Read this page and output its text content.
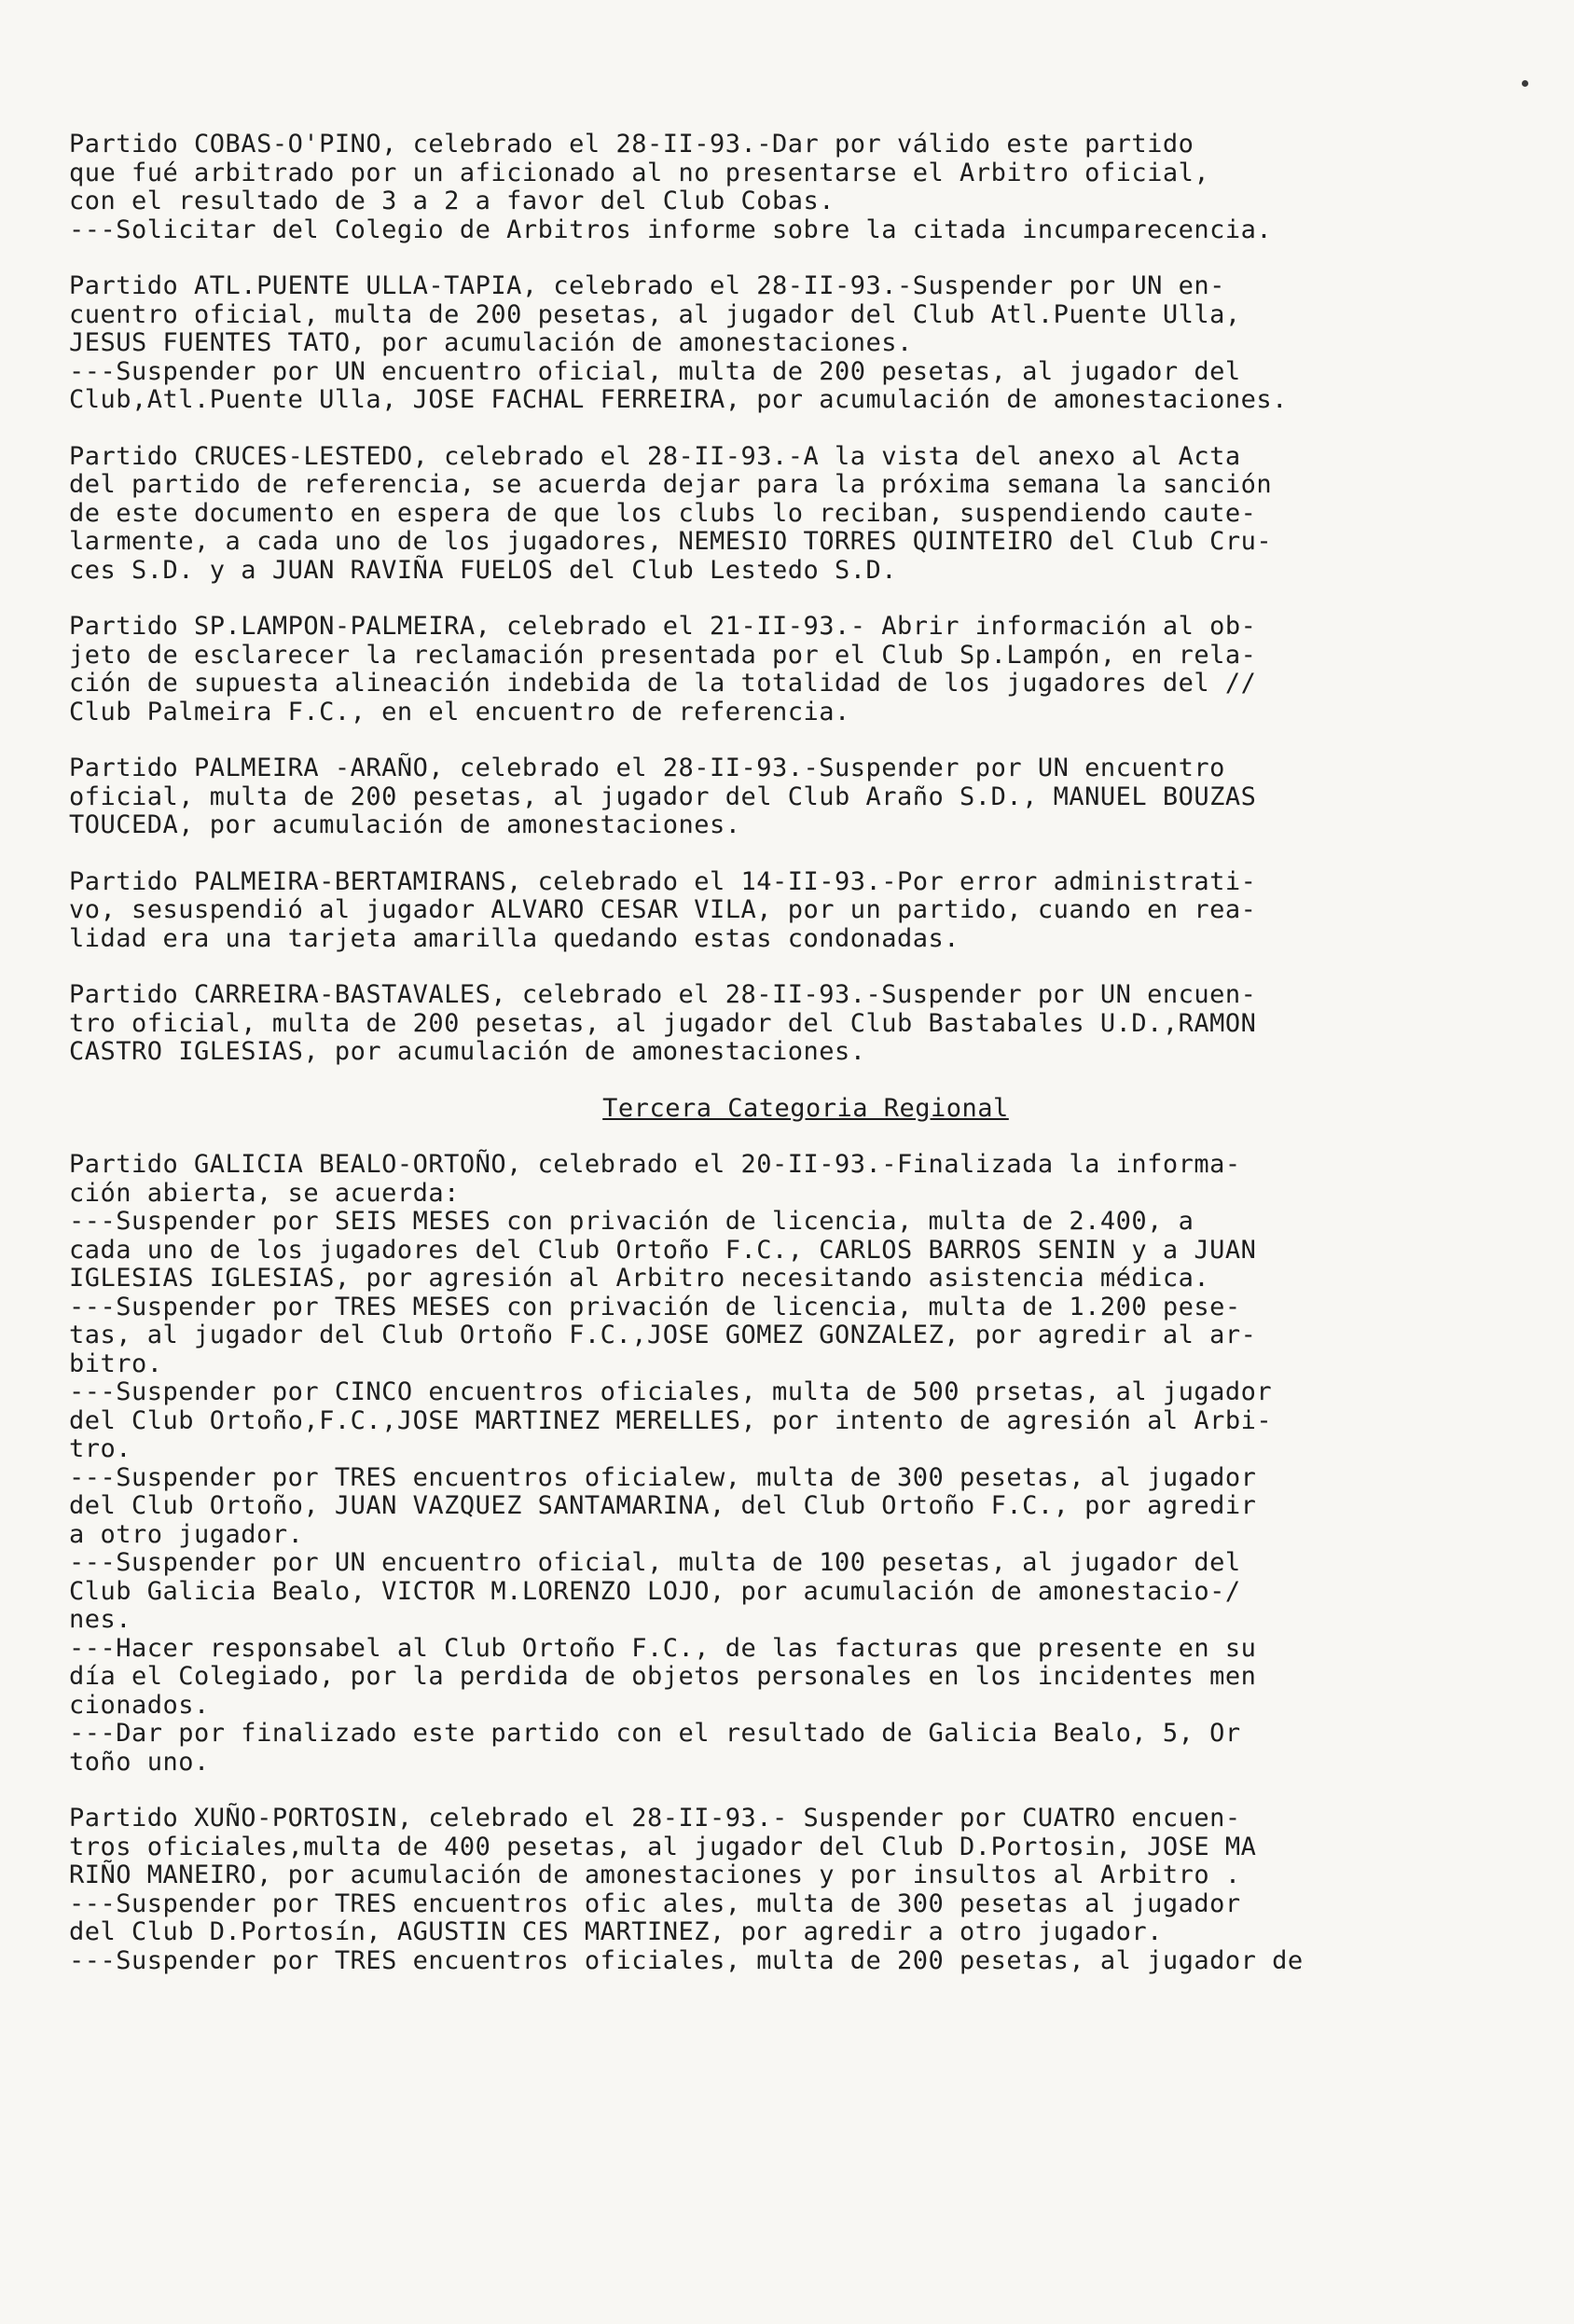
Partido COBAS-O'PINO, celebrado el 28-II-93.-Dar por válido este partido
que fué arbitrado por un aficionado al no presentarse el Arbitro oficial,
con el resultado de 3 a 2 a favor del Club Cobas.
---Solicitar del Colegio de Arbitros informe sobre la citada incumparecencia.
Partido ATL.PUENTE ULLA-TAPIA, celebrado el 28-II-93.-Suspender por UN en-
cuentro oficial, multa de 200 pesetas, al jugador del Club Atl.Puente Ulla,
JESUS FUENTES TATO, por acumulación de amonestaciones.
---Suspender por UN encuentro oficial, multa de 200 pesetas, al jugador del
Club,Atl.Puente Ulla, JOSE FACHAL FERREIRA, por acumulación de amonestaciones.
Partido CRUCES-LESTEDO, celebrado el 28-II-93.-A la vista del anexo al Acta
del partido de referencia, se acuerda dejar para la próxima semana la sanción
de este documento en espera de que los clubs lo reciban, suspendiendo caute-
larmente, a cada uno de los jugadores, NEMESIO TORRES QUINTEIRO del Club Cru-
ces S.D. y a JUAN RAVIÑA FUELOS del Club Lestedo S.D.
Partido SP.LAMPON-PALMEIRA, celebrado el 21-II-93.- Abrir información al ob-
jeto de esclarecer la reclamación presentada por el Club Sp.Lampón, en rela-
ción de supuesta alineación indebida de la totalidad de los jugadores del //
Club Palmeira F.C., en el encuentro de referencia.
Partido PALMEIRA -ARAÑO, celebrado el 28-II-93.-Suspender por UN encuentro
oficial, multa de 200 pesetas, al jugador del Club Araño S.D., MANUEL BOUZAS
TOUCEDA, por acumulación de amonestaciones.
Partido PALMEIRA-BERTAMIRANS, celebrado el 14-II-93.-Por error administrati-
vo, sesuspendió al jugador ALVARO CESAR VILA, por un partido, cuando en rea-
lidad era una tarjeta amarilla quedando estas condonadas.
Partido CARREIRA-BASTAVALES, celebrado el 28-II-93.-Suspender por UN encuen-
tro oficial, multa de 200 pesetas, al jugador del Club Bastabales U.D.,RAMON
CASTRO IGLESIAS, por acumulación de amonestaciones.
Tercera Categoria Regional
Partido GALICIA BEALO-ORTOÑO, celebrado el 20-II-93.-Finalizada la informa-
ción abierta, se acuerda:
---Suspender por SEIS MESES con privación de licencia, multa de 2.400, a
cada uno de los jugadores del Club Ortoño F.C., CARLOS BARROS SENIN y a JUAN
IGLESIAS IGLESIAS, por agresión al Arbitro necesitando asistencia médica.
---Suspender por TRES MESES con privación de licencia, multa de 1.200 pese-
tas, al jugador del Club Ortoño F.C.,JOSE GOMEZ GONZALEZ, por agredir al ar-
bitro.
---Suspender por CINCO encuentros oficiales, multa de 500 prsetas, al jugador
del Club Ortoño,F.C.,JOSE MARTINEZ MERELLES, por intento de agresión al Arbi-
tro.
---Suspender por TRES encuentros oficialew, multa de 300 pesetas, al jugador
del Club Ortoño, JUAN VAZQUEZ SANTAMARINA, del Club Ortoño F.C., por agredir
a otro jugador.
---Suspender por UN encuentro oficial, multa de 100 pesetas, al jugador del
Club Galicia Bealo, VICTOR M.LORENZO LOJO, por acumulación de amonestacio-/
nes.
---Hacer responsabel al Club Ortoño F.C., de las facturas que presente en su
día el Colegiado, por la perdida de objetos personales en los incidentes men
cionados.
---Dar por finalizado este partido con el resultado de Galicia Bealo, 5, Or
toño uno.
Partido XUÑO-PORTOSIN, celebrado el 28-II-93.- Suspender por CUATRO encuen-
tros oficiales,multa de 400 pesetas, al jugador del Club D.Portosin, JOSE MA
RIÑO MANEIRO, por acumulación de amonestaciones y por insultos al Arbitro .
---Suspender por TRES encuentros ofic ales, multa de 300 pesetas al jugador
del Club D.Portosín, AGUSTIN CES MARTINEZ, por agredir a otro jugador.
---Suspender por TRES encuentros oficiales, multa de 200 pesetas, al jugador de
